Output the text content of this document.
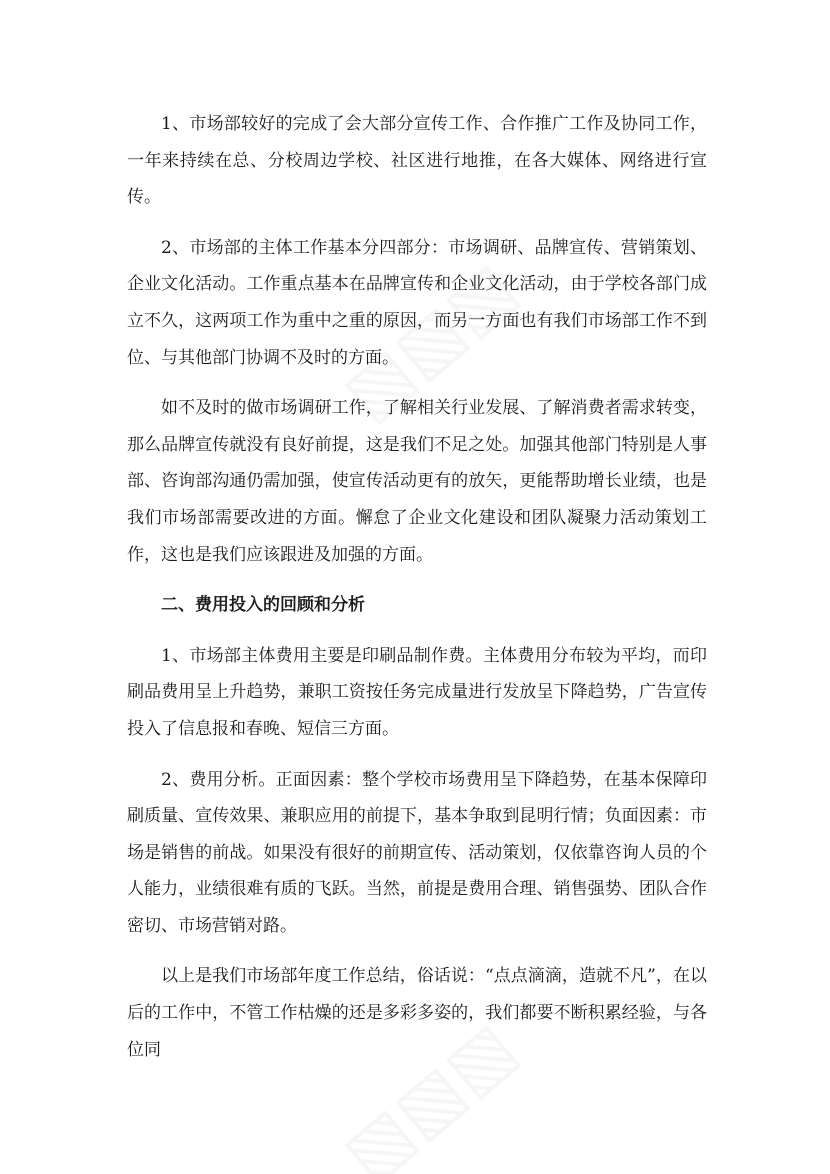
1、市场部较好的完成了会大部分宣传工作、合作推广工作及协同工作，一年来持续在总、分校周边学校、社区进行地推，在各大媒体、网络进行宣传。

2、市场部的主体工作基本分四部分：市场调研、品牌宣传、营销策划、企业文化活动。工作重点基本在品牌宣传和企业文化活动，由于学校各部门成立不久，这两项工作为重中之重的原因，而另一方面也有我们市场部工作不到位、与其他部门协调不及时的方面。

如不及时的做市场调研工作，了解相关行业发展、了解消费者需求转变，那么品牌宣传就没有良好前提，这是我们不足之处。加强其他部门特别是人事部、咨询部沟通仍需加强，使宣传活动更有的放矢，更能帮助增长业绩，也是我们市场部需要改进的方面。懈怠了企业文化建设和团队凝聚力活动策划工作，这也是我们应该跟进及加强的方面。

二、费用投入的回顾和分析

1、市场部主体费用主要是印刷品制作费。主体费用分布较为平均，而印刷品费用呈上升趋势，兼职工资按任务完成量进行发放呈下降趋势，广告宣传投入了信息报和春晚、短信三方面。

2、费用分析。正面因素：整个学校市场费用呈下降趋势，在基本保障印刷质量、宣传效果、兼职应用的前提下，基本争取到昆明行情；负面因素：市场是销售的前战。如果没有很好的前期宣传、活动策划，仅依靠咨询人员的个人能力，业绩很难有质的飞跃。当然，前提是费用合理、销售强势、团队合作密切、市场营销对路。

以上是我们市场部年度工作总结，俗话说：“点点滴滴，造就不凡”，在以后的工作中，不管工作枯燥的还是多彩多姿的，我们都要不断积累经验，与各位同
